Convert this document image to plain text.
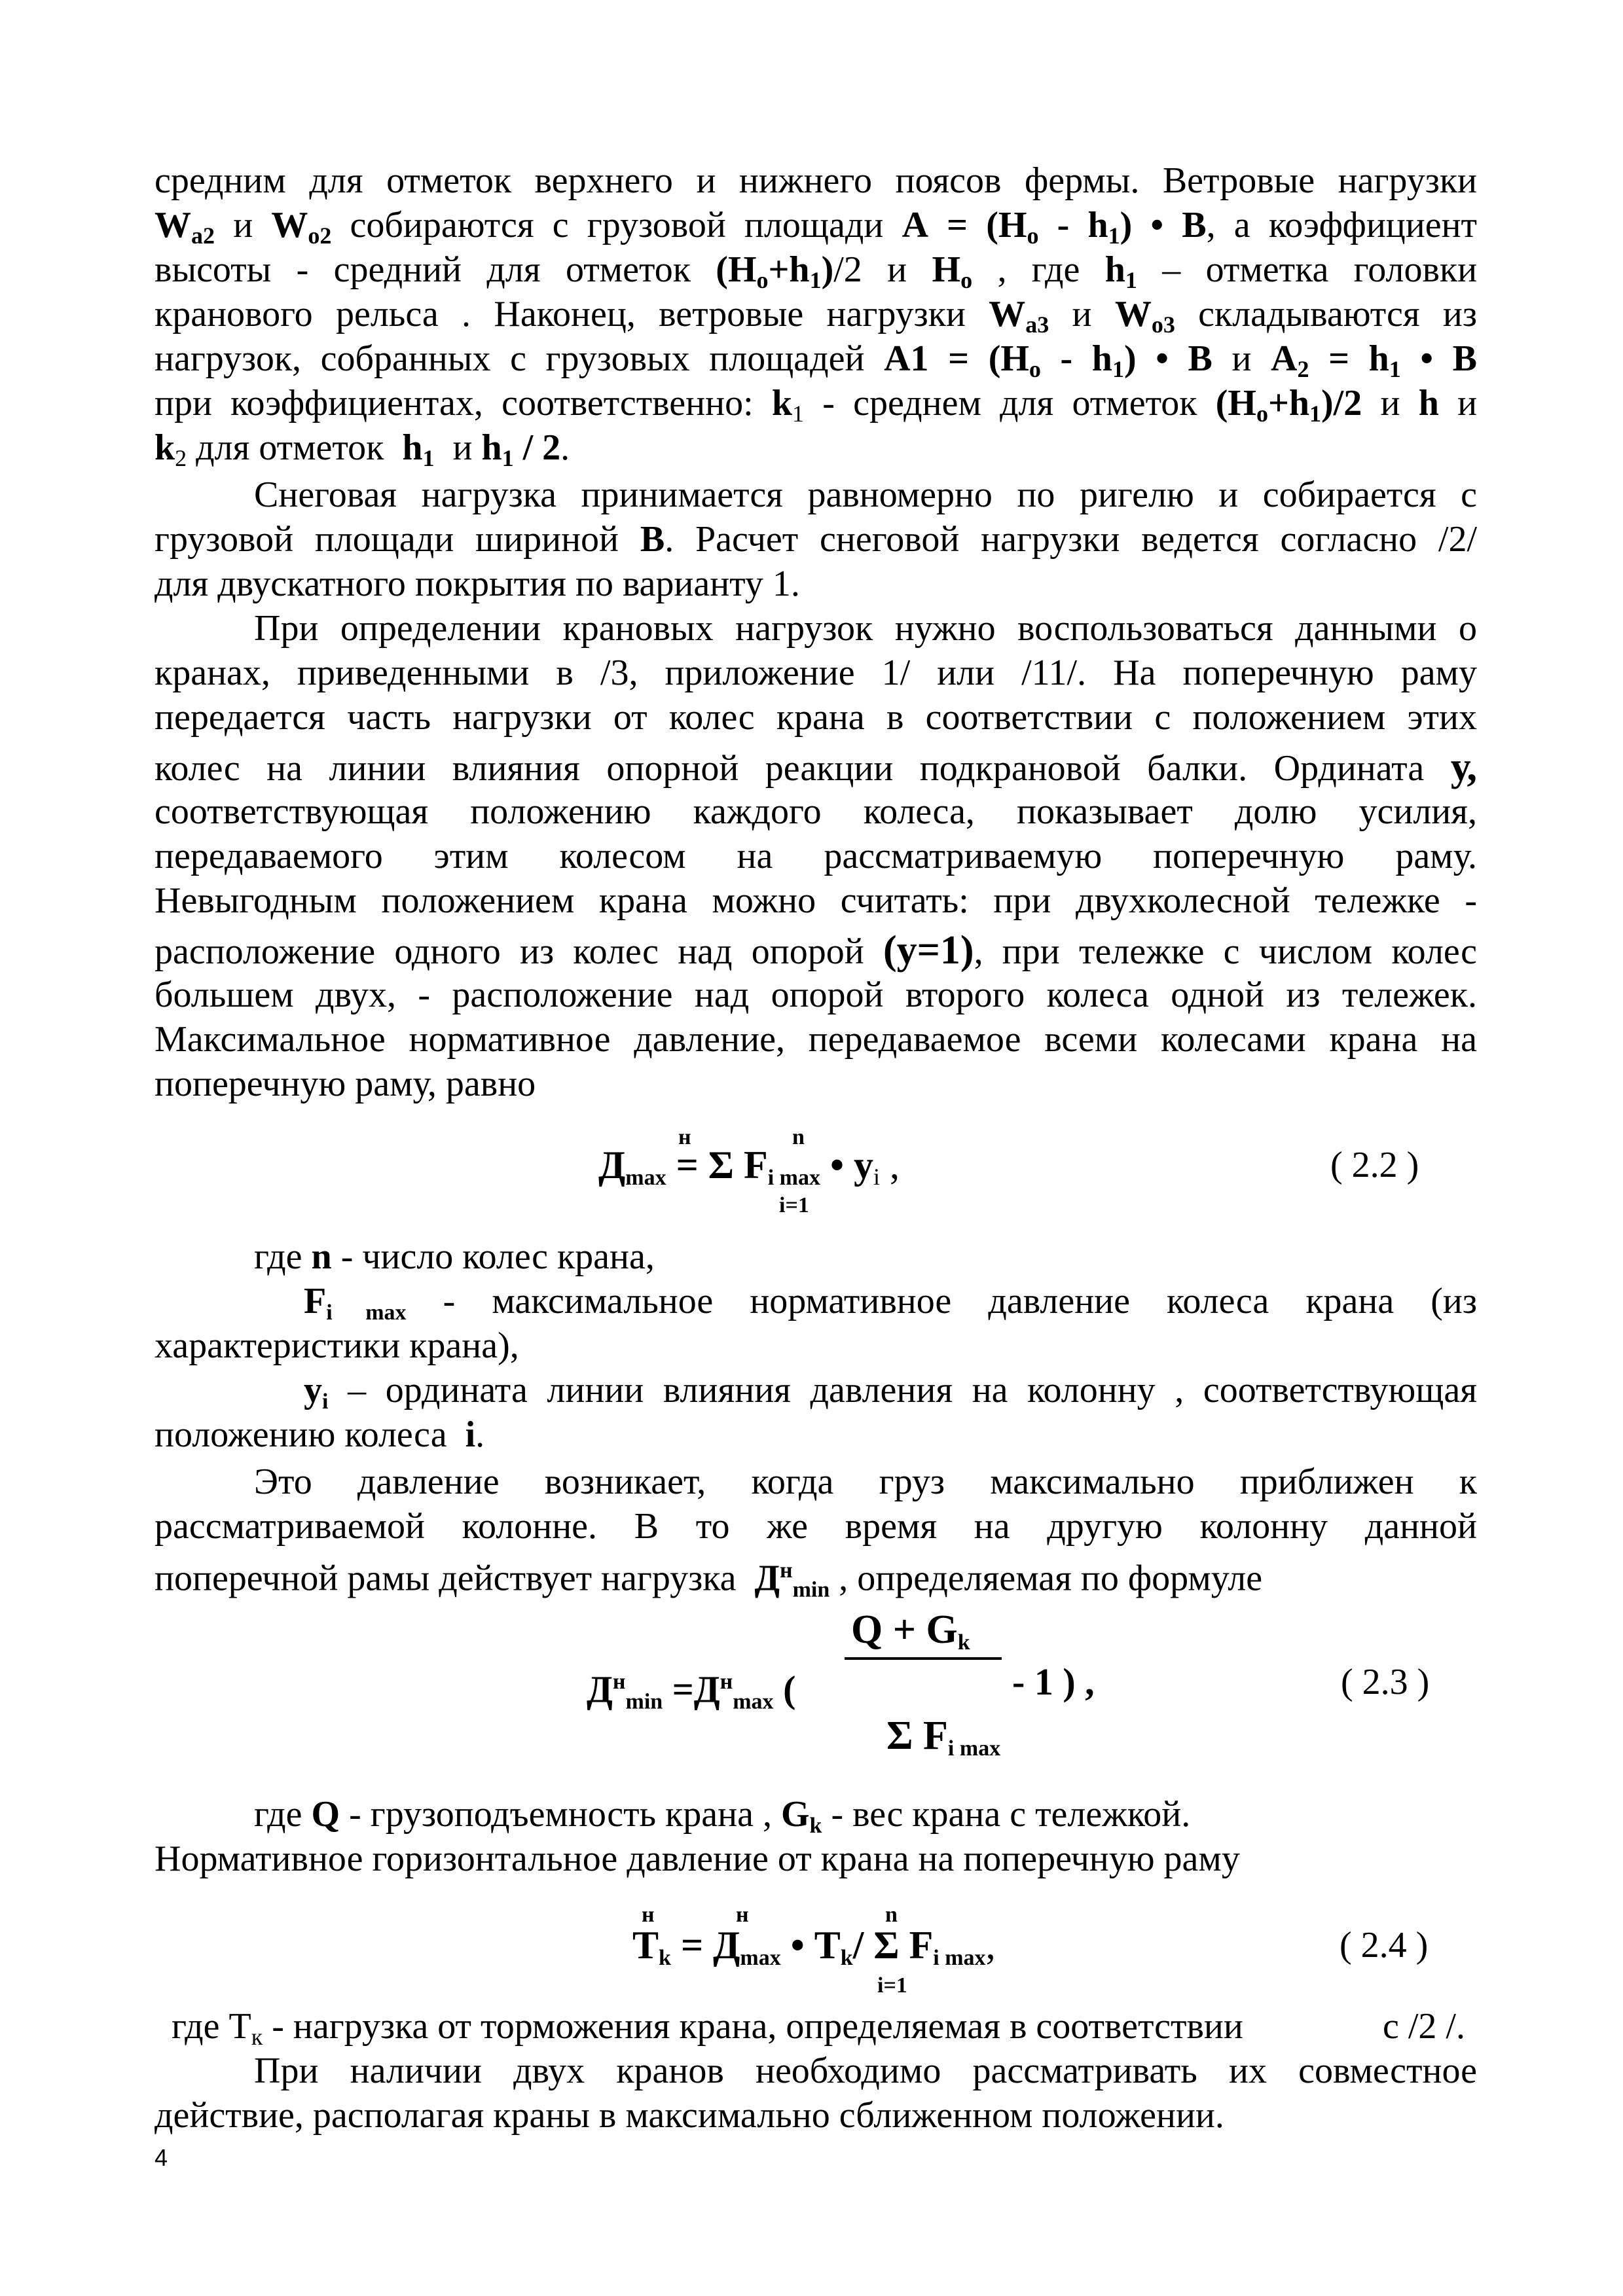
средним для отметок верхнего и нижнего поясов фермы. Ветровые нагрузки
$W_{a2}$ и $W_{o2}$ собираются с грузовой площади $А = (Н_о - h_1)$ • В, а коэффициент
высоты - средний для отметок $(Н_о+h_1)/2$ и $Н_о$ , где $h_1$ – отметка головки
кранового рельса . Наконец, ветровые нагрузки $W_{a3}$ и $W_{o3}$ складываются из
нагрузок, собранных с грузовых площадей $А1 = (Н_о - h_1)$ • В и $А_2 = h_1$ • В
при коэффициентах, соответственно: $k_1$ - среднем для отметок $(Н_о+h_1)/2$ и h и
$k_2$ для отметок $h_1$ и $h_1 / 2$.
Снеговая нагрузка принимается равномерно по ригелю и собирается с
грузовой площади шириной В. Расчет снеговой нагрузки ведется согласно /2/
для двускатного покрытия по варианту 1.
При определении крановых нагрузок нужно воспользоваться данными о
кранах, приведенными в /3, приложение 1/ или /11/. На поперечную раму
передается часть нагрузки от колес крана в соответствии с положением этих
колес на линии влияния опорной реакции подкрановой балки. Ордината у,
соответствующая положению каждого колеса, показывает долю усилия,
передаваемого этим колесом на рассматриваемую поперечную раму.
Невыгодным положением крана можно считать: при двухколесной тележке -
расположение одного из колес над опорой (у=1), при тележке с числом колес
большем двух, - расположение над опорой второго колеса одной из тележек.
Максимальное нормативное давление, передаваемое всеми колесами крана на
поперечную раму, равно
н	n
$Д_{max} = \Sigma$ $F_{i max}$ • $у_i$ ,
i=1
( 2.2 )
где n - число колес крана,
$F_{i max}$ - максимальное нормативное давление колеса крана (из
характеристики крана),
$у_i$ – ордината линии влияния давления на колонну , соответствующая
положению колеса i.
Это давление возникает, когда груз максимально приближен к
рассматриваемой колонне. В то же время на другую колонну данной
поперечной рамы действует нагрузка $Д^н_{min}$ , определяемая по формуле
$Д^н_{min} =Д^н_{max}$ (
$Q + G_k$
Σ $F_{i max}$
- 1 ) ,	( 2.3 )
где Q - грузоподъемность крана , $G_k$ - вес крана с тележкой.
Нормативное горизонтальное давление от крана на поперечную раму
н	н	n
$T_k = Д_{max}$ • $T_k/$ Σ $F_{i max}$,
i=1
( 2.4 )
где $Т_к$ - нагрузка от торможения крана, определяемая в соответствии	с /2 /.
При наличии двух кранов необходимо рассматривать их совместное
действие, располагая краны в максимально сближенном положении.
4
